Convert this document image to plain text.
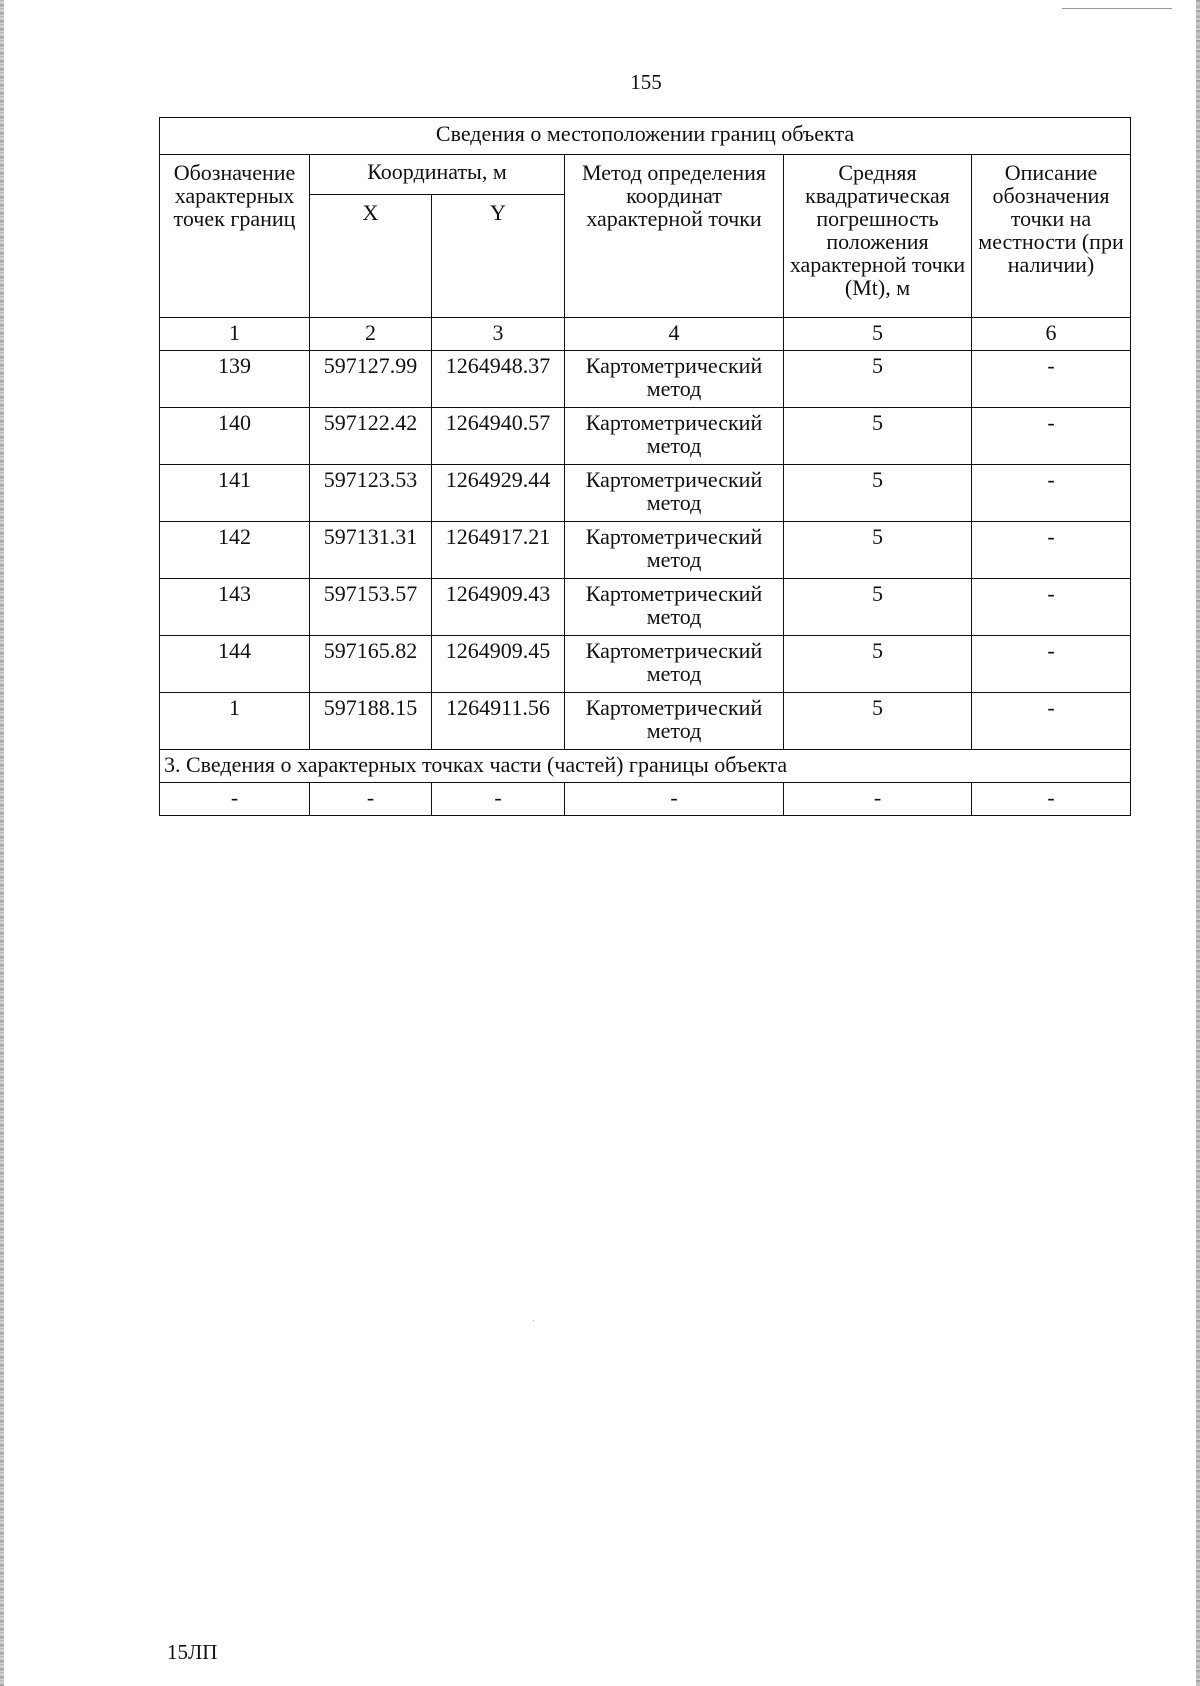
155
Сведения о местоположении границ объекта					
Обозначение характерных точек границ	Координаты, м		Метод определения координат характерной точки	Средняя квадратическая погрешность положения характерной точки (Mt), м	Описание обозначения точки на местности (при наличии)
	X	Y			
1	2	3	4	5	6
139	597127.99	1264948.37	Картометрический метод	5	-
140	597122.42	1264940.57	Картометрический метод	5	-
141	597123.53	1264929.44	Картометрический метод	5	-
142	597131.31	1264917.21	Картометрический метод	5	-
143	597153.57	1264909.43	Картометрический метод	5	-
144	597165.82	1264909.45	Картометрический метод	5	-
1	597188.15	1264911.56	Картометрический метод	5	-
3. Сведения о характерных точках части (частей) границы объекта					
-	-	-	-	-	-
15ЛП
